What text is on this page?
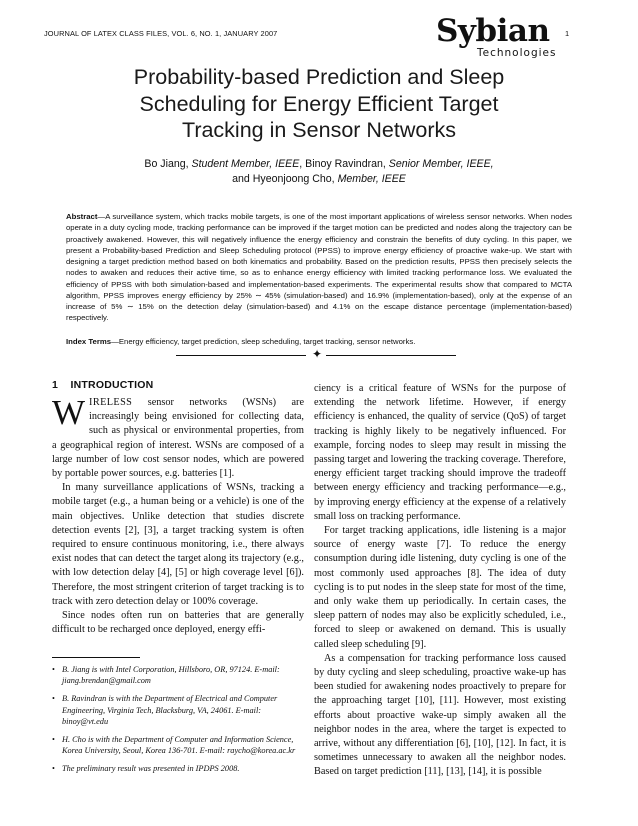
JOURNAL OF LATEX CLASS FILES, VOL. 6, NO. 1, JANUARY 2007	1
Sybian
Technologies
Probability-based Prediction and Sleep
Scheduling for Energy Efficient Target
Tracking in Sensor Networks
Bo Jiang, Student Member, IEEE, Binoy Ravindran, Senior Member, IEEE,
and Hyeonjoong Cho, Member, IEEE
Abstract—A surveillance system, which tracks mobile targets, is one of the most important applications of wireless sensor networks. When nodes operate in a duty cycling mode, tracking performance can be improved if the target motion can be predicted and nodes along the trajectory can be proactively awakened. However, this will negatively influence the energy efficiency and constrain the benefits of duty cycling. In this paper, we present a Probability-based Prediction and Sleep Scheduling protocol (PPSS) to improve energy efficiency of proactive wake-up. We start with designing a target prediction method based on both kinematics and probability. Based on the prediction results, PPSS then precisely selects the nodes to awaken and reduces their active time, so as to enhance energy efficiency with limited tracking performance loss. We evaluated the efficiency of PPSS with both simulation-based and implementation-based experiments. The experimental results show that compared to MCTA algorithm, PPSS improves energy efficiency by 25% ∼ 45% (simulation-based) and 16.9% (implementation-based), only at the expense of an increase of 5% ∼ 15% on the detection delay (simulation-based) and 4.1% on the escape distance percentage (implementation-based) respectively.
Index Terms—Energy efficiency, target prediction, sleep scheduling, target tracking, sensor networks.
✦
1 INTRODUCTION

WIRELESS sensor networks (WSNs) are increasingly being envisioned for collecting data, such as physical or environmental properties, from a geographical region of interest. WSNs are composed of a large number of low cost sensor nodes, which are powered by portable power sources, e.g. batteries [1].

In many surveillance applications of WSNs, tracking a mobile target (e.g., a human being or a vehicle) is one of the main objectives. Unlike detection that studies discrete detection events [2], [3], a target tracking system is often required to ensure continuous monitoring, i.e., there always exist nodes that can detect the target along its trajectory (e.g., with low detection delay [4], [5] or high coverage level [6]). Therefore, the most stringent criterion of target tracking is to track with zero detection delay or 100% coverage.

Since nodes often run on batteries that are generally difficult to be recharged once deployed, energy effi-

• B. Jiang is with Intel Corporation, Hillsboro, OR, 97124. E-mail: jiang.brendan@gmail.com
• B. Ravindran is with the Department of Electrical and Computer Engineering, Virginia Tech, Blacksburg, VA, 24061. E-mail: binoy@vt.edu
• H. Cho is with the Department of Computer and Information Science, Korea University, Seoul, Korea 136-701. E-mail: raycho@korea.ac.kr
• The preliminary result was presented in IPDPS 2008.

ciency is a critical feature of WSNs for the purpose of extending the network lifetime. However, if energy efficiency is enhanced, the quality of service (QoS) of target tracking is highly likely to be negatively influenced. For example, forcing nodes to sleep may result in missing the passing target and lowering the tracking coverage. Therefore, energy efficient target tracking should improve the tradeoff between energy efficiency and tracking performance—e.g., by improving energy efficiency at the expense of a relatively small loss on tracking performance.

For target tracking applications, idle listening is a major source of energy waste [7]. To reduce the energy consumption during idle listening, duty cycling is one of the most commonly used approaches [8]. The idea of duty cycling is to put nodes in the sleep state for most of the time, and only wake them up periodically. In certain cases, the sleep pattern of nodes may also be explicitly scheduled, i.e., forced to sleep or awakened on demand. This is usually called sleep scheduling [9].

As a compensation for tracking performance loss caused by duty cycling and sleep scheduling, proactive wake-up has been studied for awakening nodes proactively to prepare for the approaching target [10], [11]. However, most existing efforts about proactive wake-up simply awaken all the neighbor nodes in the area, where the target is expected to arrive, without any differentiation [6], [10], [12]. In fact, it is sometimes unnecessary to awaken all the neighbor nodes. Based on target prediction [11], [13], [14], it is possible
